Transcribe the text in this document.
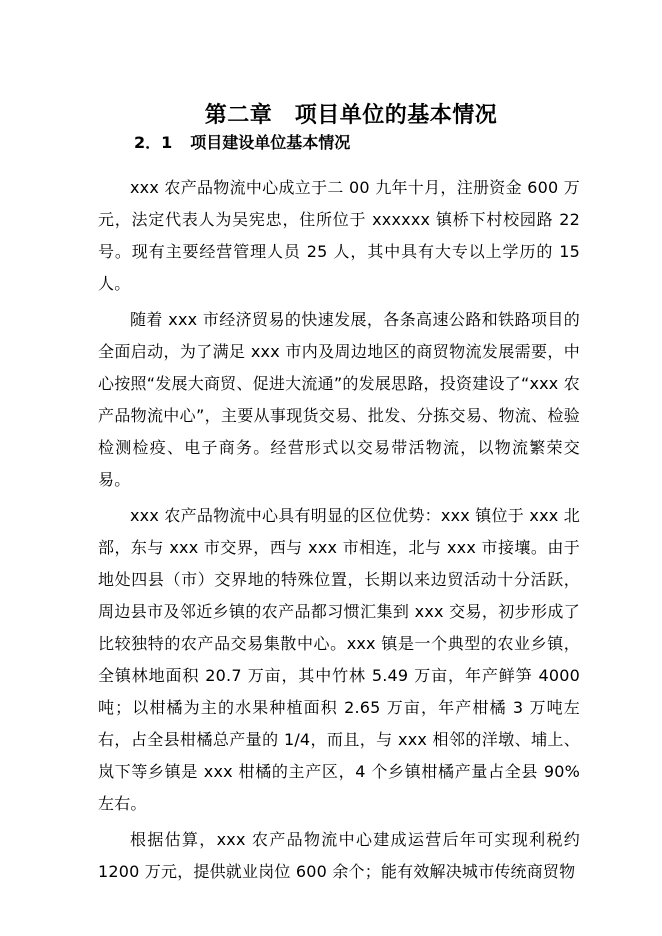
第二章　项目单位的基本情况
2．1 项目建设单位基本情况

xxx 农产品物流中心成立于二 00 九年十月，注册资金 600 万元，法定代表人为吴宪忠，住所位于 xxxxxx 镇桥下村校园路 22 号。现有主要经营管理人员 25 人，其中具有大专以上学历的 15 人。

随着 xxx 市经济贸易的快速发展，各条高速公路和铁路项目的全面启动，为了满足 xxx 市内及周边地区的商贸物流发展需要，中心按照“发展大商贸、促进大流通”的发展思路，投资建设了“xxx 农产品物流中心”，主要从事现货交易、批发、分拣交易、物流、检验检测检疫、电子商务。经营形式以交易带活物流，以物流繁荣交易。

xxx 农产品物流中心具有明显的区位优势：xxx 镇位于 xxx 北部，东与 xxx 市交界，西与 xxx 市相连，北与 xxx 市接壤。由于地处四县（市）交界地的特殊位置，长期以来边贸活动十分活跃，周边县市及邻近乡镇的农产品都习惯汇集到 xxx 交易，初步形成了比较独特的农产品交易集散中心。xxx 镇是一个典型的农业乡镇，全镇林地面积 20.7 万亩，其中竹林 5.49 万亩，年产鲜笋 4000 吨；以柑橘为主的水果种植面积 2.65 万亩，年产柑橘 3 万吨左右，占全县柑橘总产量的 1/4，而且，与 xxx 相邻的洋墩、埔上、岚下等乡镇是 xxx 柑橘的主产区，4 个乡镇柑橘产量占全县 90%左右。

根据估算，xxx 农产品物流中心建成运营后年可实现利税约 1200 万元，提供就业岗位 600 余个；能有效解决城市传统商贸物
